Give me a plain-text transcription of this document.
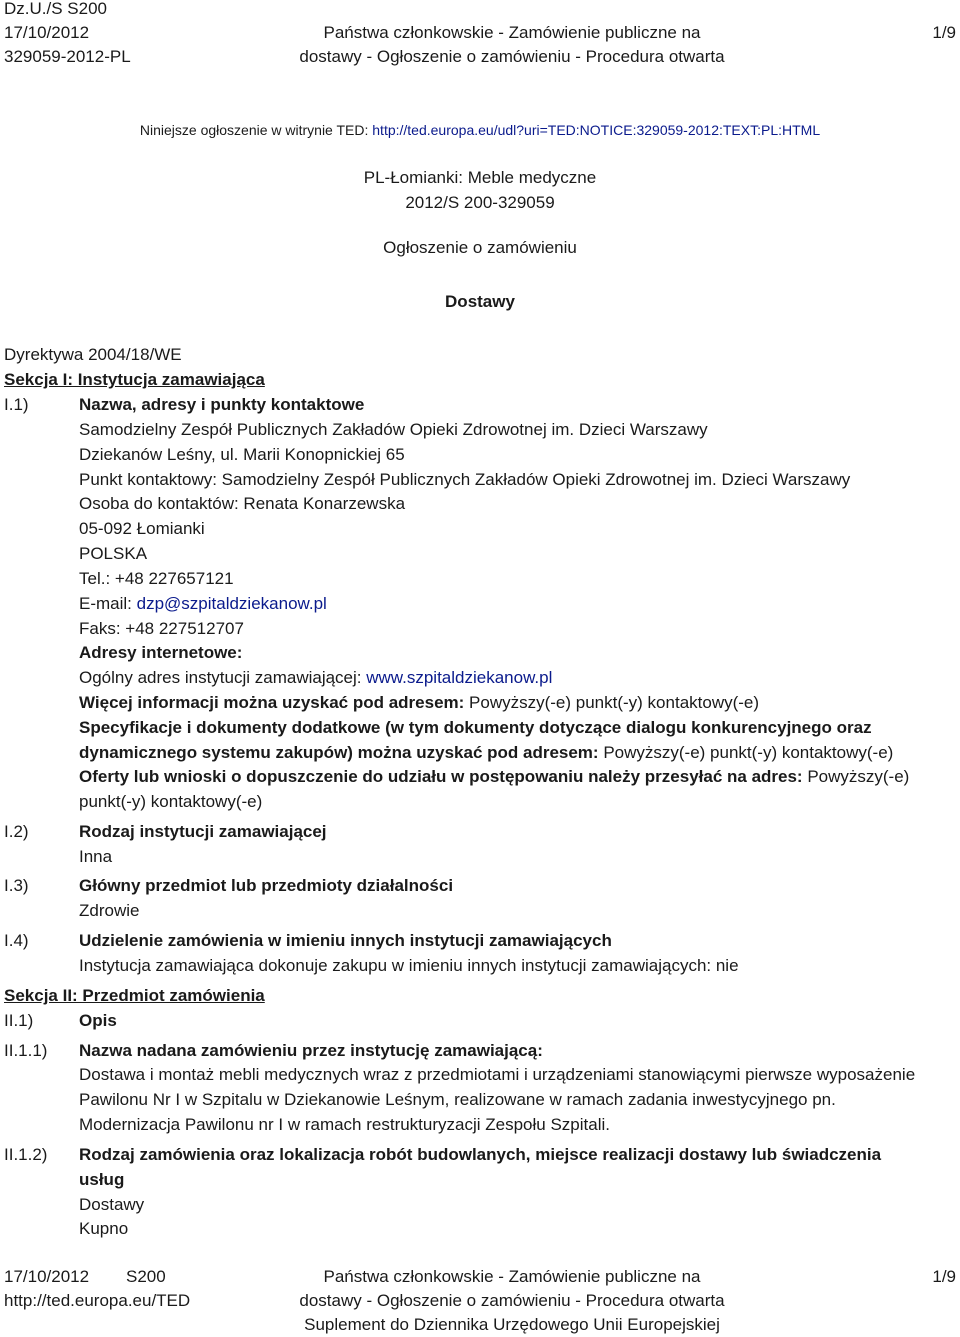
Dz.U./S S200
17/10/2012
329059-2012-PL
Państwa członkowskie - Zamówienie publiczne na
dostawy - Ogłoszenie o zamówieniu - Procedura otwarta
1/9
Niniejsze ogłoszenie w witrynie TED: http://ted.europa.eu/udl?uri=TED:NOTICE:329059-2012:TEXT:PL:HTML
PL-Łomianki: Meble medyczne
2012/S 200-329059
Ogłoszenie o zamówieniu
Dostawy
Dyrektywa 2004/18/WE
Sekcja I: Instytucja zamawiająca
I.1)	Nazwa, adresy i punkty kontaktowe
Samodzielny Zespół Publicznych Zakładów Opieki Zdrowotnej im. Dzieci Warszawy
Dziekanów Leśny, ul. Marii Konopnickiej 65
Punkt kontaktowy: Samodzielny Zespół Publicznych Zakładów Opieki Zdrowotnej im. Dzieci Warszawy
Osoba do kontaktów: Renata Konarzewska
05-092 Łomianki
POLSKA
Tel.: +48 227657121
E-mail: dzp@szpitaldziekanow.pl
Faks: +48 227512707
Adresy internetowe:
Ogólny adres instytucji zamawiającej: www.szpitaldziekanow.pl
Więcej informacji można uzyskać pod adresem: Powyższy(-e) punkt(-y) kontaktowy(-e)
Specyfikacje i dokumenty dodatkowe (w tym dokumenty dotyczące dialogu konkurencyjnego oraz
dynamicznego systemu zakupów) można uzyskać pod adresem: Powyższy(-e) punkt(-y) kontaktowy(-e)
Oferty lub wnioski o dopuszczenie do udziału w postępowaniu należy przesyłać na adres: Powyższy(-e)
punkt(-y) kontaktowy(-e)
I.2)	Rodzaj instytucji zamawiającej
Inna
I.3)	Główny przedmiot lub przedmioty działalności
Zdrowie
I.4)	Udzielenie zamówienia w imieniu innych instytucji zamawiających
Instytucja zamawiająca dokonuje zakupu w imieniu innych instytucji zamawiających: nie
Sekcja II: Przedmiot zamówienia
II.1)	Opis
II.1.1) Nazwa nadana zamówieniu przez instytucję zamawiającą:
Dostawa i montaż mebli medycznych wraz z przedmiotami i urządzeniami stanowiącymi pierwsze wyposażenie
Pawilonu Nr I w Szpitalu w Dziekanowie Leśnym, realizowane w ramach zadania inwestycyjnego pn.
Modernizacja Pawilonu nr I w ramach restrukturyzacji Zespołu Szpitali.
II.1.2) Rodzaj zamówienia oraz lokalizacja robót budowlanych, miejsce realizacji dostawy lub świadczenia
usług
Dostawy
Kupno
17/10/2012 S200
http://ted.europa.eu/TED
Państwa członkowskie - Zamówienie publiczne na
dostawy - Ogłoszenie o zamówieniu - Procedura otwarta
Suplement do Dziennika Urzędowego Unii Europejskiej
1/9
